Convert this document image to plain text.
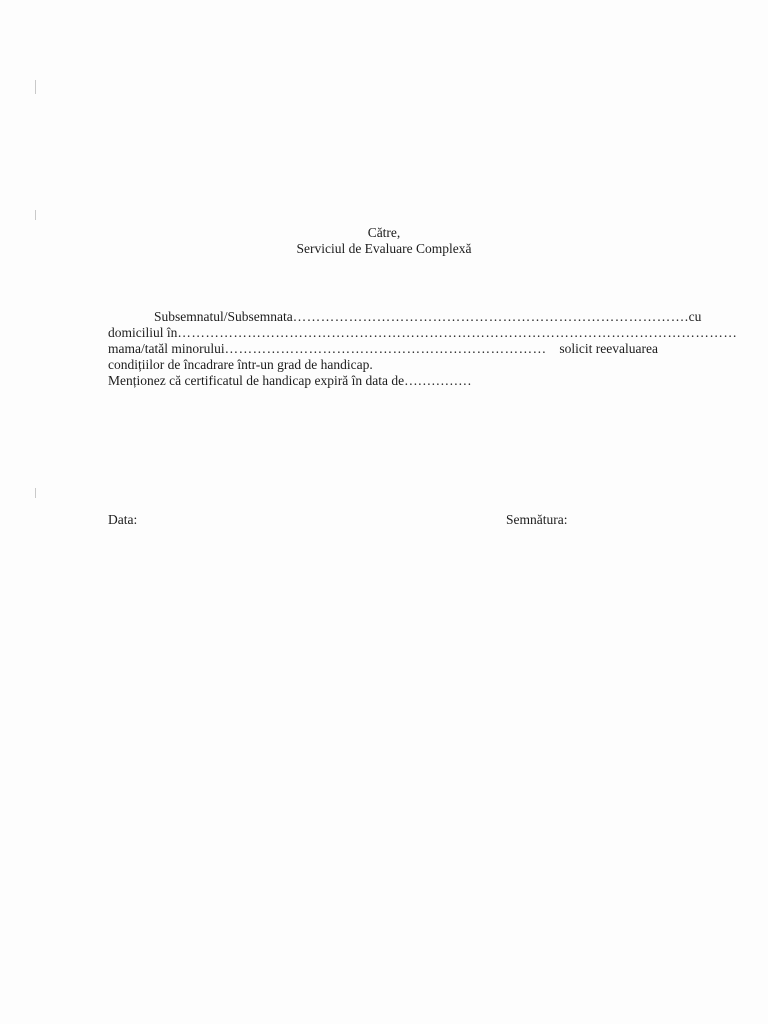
Către,
Serviciul de Evaluare Complexă
Subsemnatul/Subsemnata …………………………………………………………………………. cu
domiciliul în …………………………………………………………………………………………………………
mama/tatăl minorului …………………………………………………………… solicit reevaluarea
condițiilor de încadrare într-un grad de handicap.
Menționez că certificatul de handicap expiră în data de……………
Data:	Semnătura:
